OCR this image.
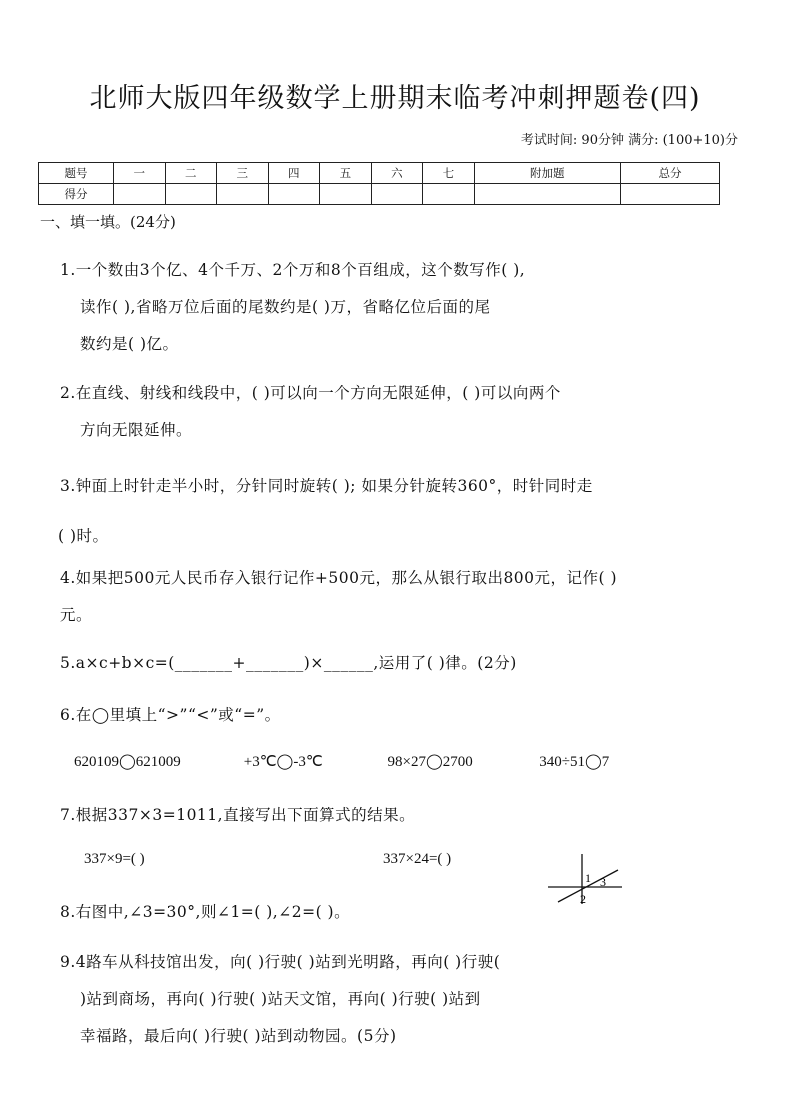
北师大版四年级数学上册期末临考冲刺押题卷(四)
考试时间: 90分钟 满分: (100+10)分
题号	一	二	三	四	五	六	七	附加题	总分
得分									
一、填一填。(24分)
1.一个数由3个亿、4个千万、2个万和8个百组成，这个数写作( ),
读作( ),省略万位后面的尾数约是( )万，省略亿位后面的尾
数约是( )亿。
2.在直线、射线和线段中，( )可以向一个方向无限延伸，( )可以向两个
方向无限延伸。
3.钟面上时针走半小时，分针同时旋转( ); 如果分针旋转360°，时针同时走
( )时。
4.如果把500元人民币存入银行记作+500元，那么从银行取出800元，记作( )
元。
5.a×c+b×c=(_______+_______)×______,运用了( )律。(2分)
6.在◯里填上“>”“<”或“=”。
620109◯621009	+3℃◯-3℃	98×27◯2700	340÷51◯7
7.根据337×3=1011,直接写出下面算式的结果。
337×9=( )	337×24=( )
1 3
2
8.右图中,∠3=30°,则∠1=( ),∠2=( )。
9.4路车从科技馆出发，向( )行驶( )站到光明路，再向( )行驶(
)站到商场，再向( )行驶( )站天文馆，再向( )行驶( )站到
幸福路，最后向( )行驶( )站到动物园。(5分)
